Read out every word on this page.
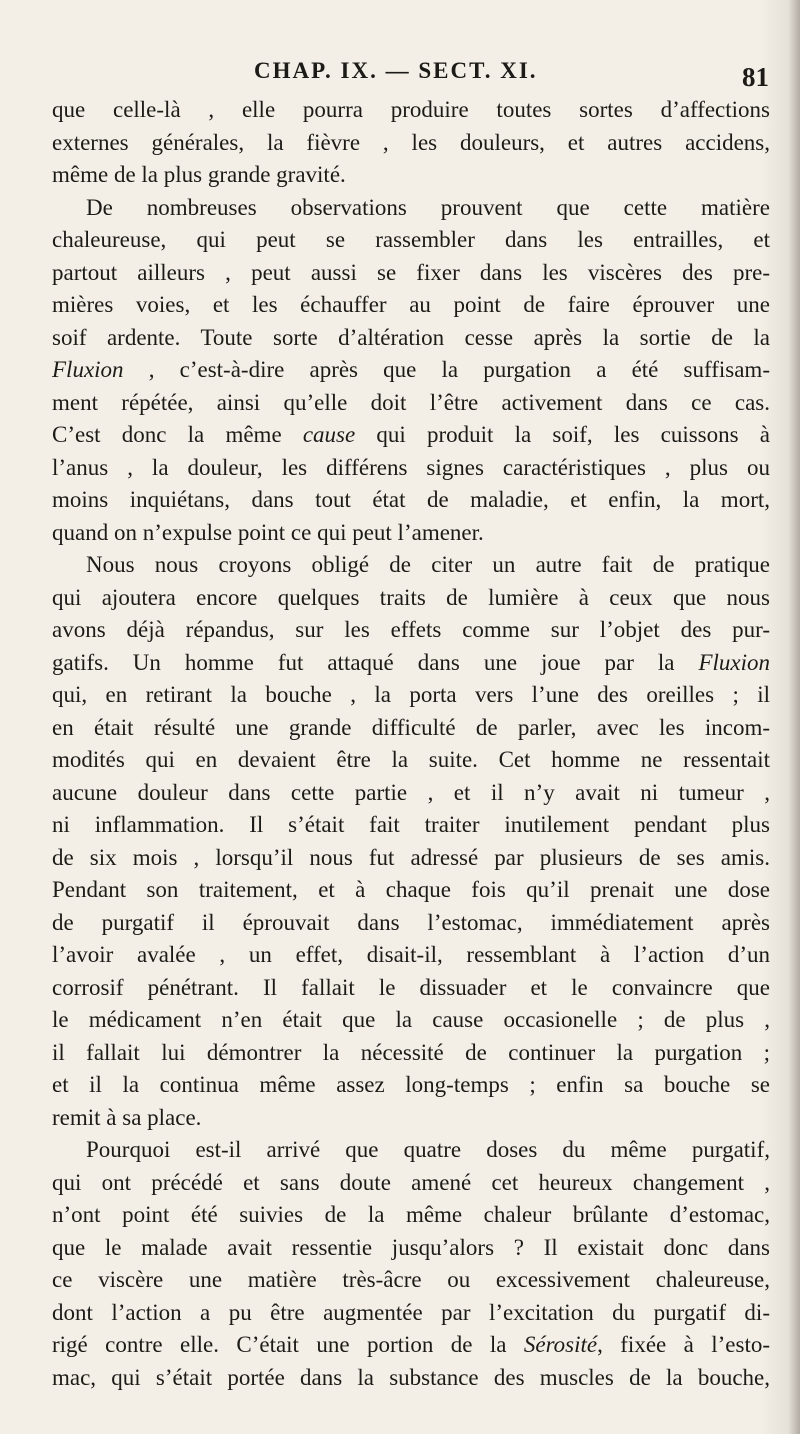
CHAP. IX. — SECT. XI.	81
que celle-là , elle pourra produire toutes sortes d’affections
externes générales, la fièvre , les douleurs, et autres accidens,
même de la plus grande gravité.
De nombreuses observations prouvent que cette matière
chaleureuse, qui peut se rassembler dans les entrailles, et
partout ailleurs , peut aussi se fixer dans les viscères des pre-
mières voies, et les échauffer au point de faire éprouver une
soif ardente. Toute sorte d’altération cesse après la sortie de la
Fluxion , c’est-à-dire après que la purgation a été suffisam-
ment répétée, ainsi qu’elle doit l’être activement dans ce cas.
C’est donc la même cause qui produit la soif, les cuissons à
l’anus , la douleur, les différens signes caractéristiques , plus ou
moins inquiétans, dans tout état de maladie, et enfin, la mort,
quand on n’expulse point ce qui peut l’amener.
Nous nous croyons obligé de citer un autre fait de pratique
qui ajoutera encore quelques traits de lumière à ceux que nous
avons déjà répandus, sur les effets comme sur l’objet des pur-
gatifs. Un homme fut attaqué dans une joue par la Fluxion
qui, en retirant la bouche , la porta vers l’une des oreilles ; il
en était résulté une grande difficulté de parler, avec les incom-
modités qui en devaient être la suite. Cet homme ne ressentait
aucune douleur dans cette partie , et il n’y avait ni tumeur ,
ni inflammation. Il s’était fait traiter inutilement pendant plus
de six mois , lorsqu’il nous fut adressé par plusieurs de ses amis.
Pendant son traitement, et à chaque fois qu’il prenait une dose
de purgatif il éprouvait dans l’estomac, immédiatement après
l’avoir avalée , un effet, disait-il, ressemblant à l’action d’un
corrosif pénétrant. Il fallait le dissuader et le convaincre que
le médicament n’en était que la cause occasionelle ; de plus ,
il fallait lui démontrer la nécessité de continuer la purgation ;
et il la continua même assez long-temps ; enfin sa bouche se
remit à sa place.
Pourquoi est-il arrivé que quatre doses du même purgatif,
qui ont précédé et sans doute amené cet heureux changement ,
n’ont point été suivies de la même chaleur brûlante d’estomac,
que le malade avait ressentie jusqu’alors ? Il existait donc dans
ce viscère une matière très-âcre ou excessivement chaleureuse,
dont l’action a pu être augmentée par l’excitation du purgatif di-
rigé contre elle. C’était une portion de la Sérosité, fixée à l’esto-
mac, qui s’était portée dans la substance des muscles de la bouche,
